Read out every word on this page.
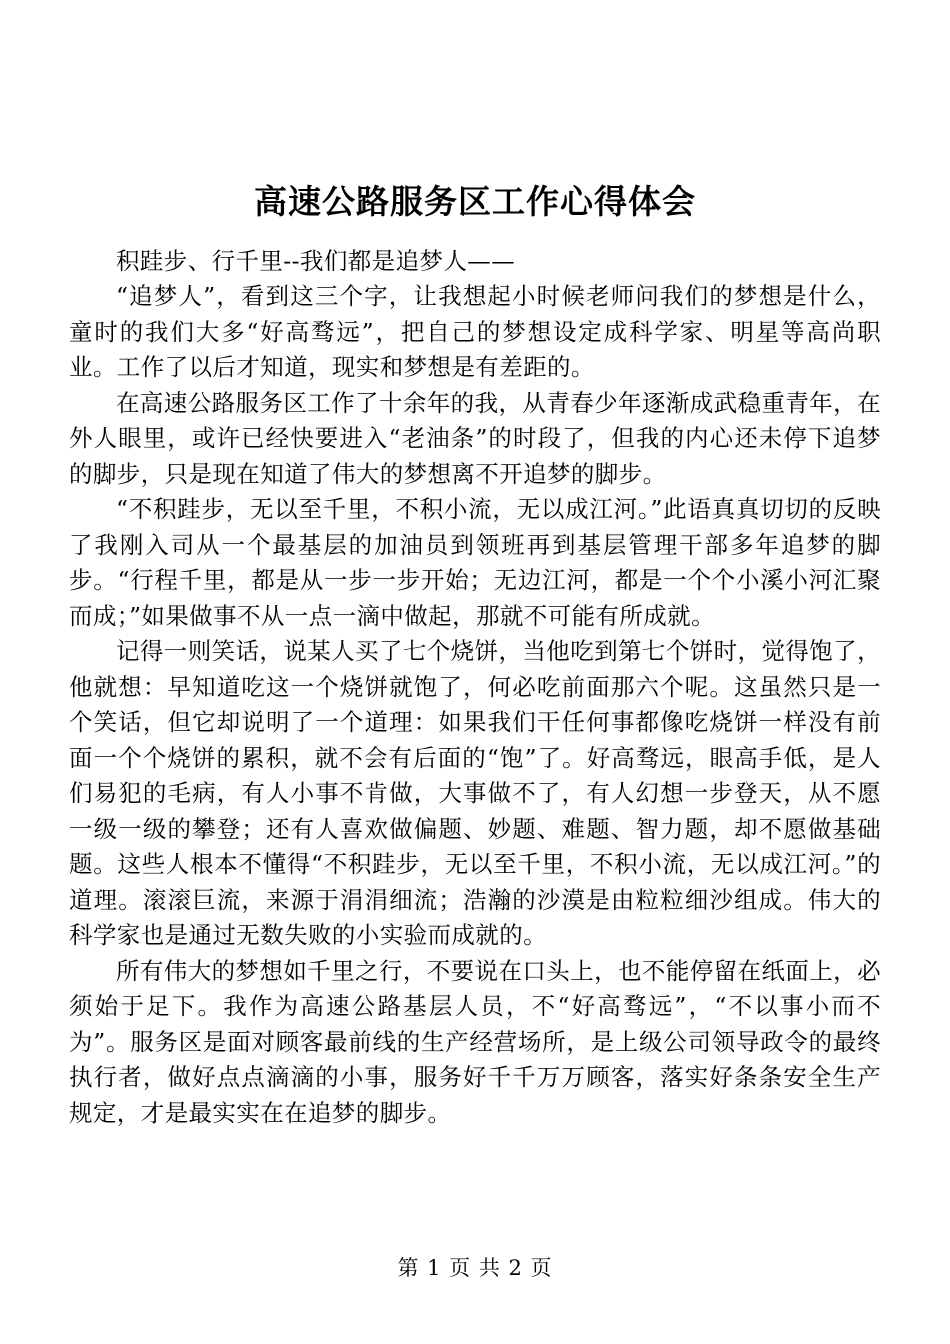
高速公路服务区工作心得体会

积跬步、行千里--我们都是追梦人——

“追梦人”，看到这三个字，让我想起小时候老师问我们的梦想是什么，童时的我们大多“好高骛远”，把自己的梦想设定成科学家、明星等高尚职业。工作了以后才知道，现实和梦想是有差距的。

在高速公路服务区工作了十余年的我，从青春少年逐渐成武稳重青年，在外人眼里，或许已经快要进入“老油条”的时段了，但我的内心还未停下追梦的脚步，只是现在知道了伟大的梦想离不开追梦的脚步。

“不积跬步，无以至千里，不积小流，无以成江河。”此语真真切切的反映了我刚入司从一个最基层的加油员到领班再到基层管理干部多年追梦的脚步。“行程千里，都是从一步一步开始；无边江河，都是一个个小溪小河汇聚而成；”如果做事不从一点一滴中做起，那就不可能有所成就。

记得一则笑话，说某人买了七个烧饼，当他吃到第七个饼时，觉得饱了，他就想：早知道吃这一个烧饼就饱了，何必吃前面那六个呢。这虽然只是一个笑话，但它却说明了一个道理：如果我们干任何事都像吃烧饼一样没有前面一个个烧饼的累积，就不会有后面的“饱”了。好高骛远，眼高手低，是人们易犯的毛病，有人小事不肯做，大事做不了，有人幻想一步登天，从不愿一级一级的攀登；还有人喜欢做偏题、妙题、难题、智力题，却不愿做基础题。这些人根本不懂得“不积跬步，无以至千里，不积小流，无以成江河。”的道理。滚滚巨流，来源于涓涓细流；浩瀚的沙漠是由粒粒细沙组成。伟大的科学家也是通过无数失败的小实验而成就的。

所有伟大的梦想如千里之行，不要说在口头上，也不能停留在纸面上，必须始于足下。我作为高速公路基层人员，不“好高骛远”，“不以事小而不为”。服务区是面对顾客最前线的生产经营场所，是上级公司领导政令的最终执行者，做好点点滴滴的小事，服务好千千万万顾客，落实好条条安全生产规定，才是最实实在在追梦的脚步。

第 1 页 共 2 页
